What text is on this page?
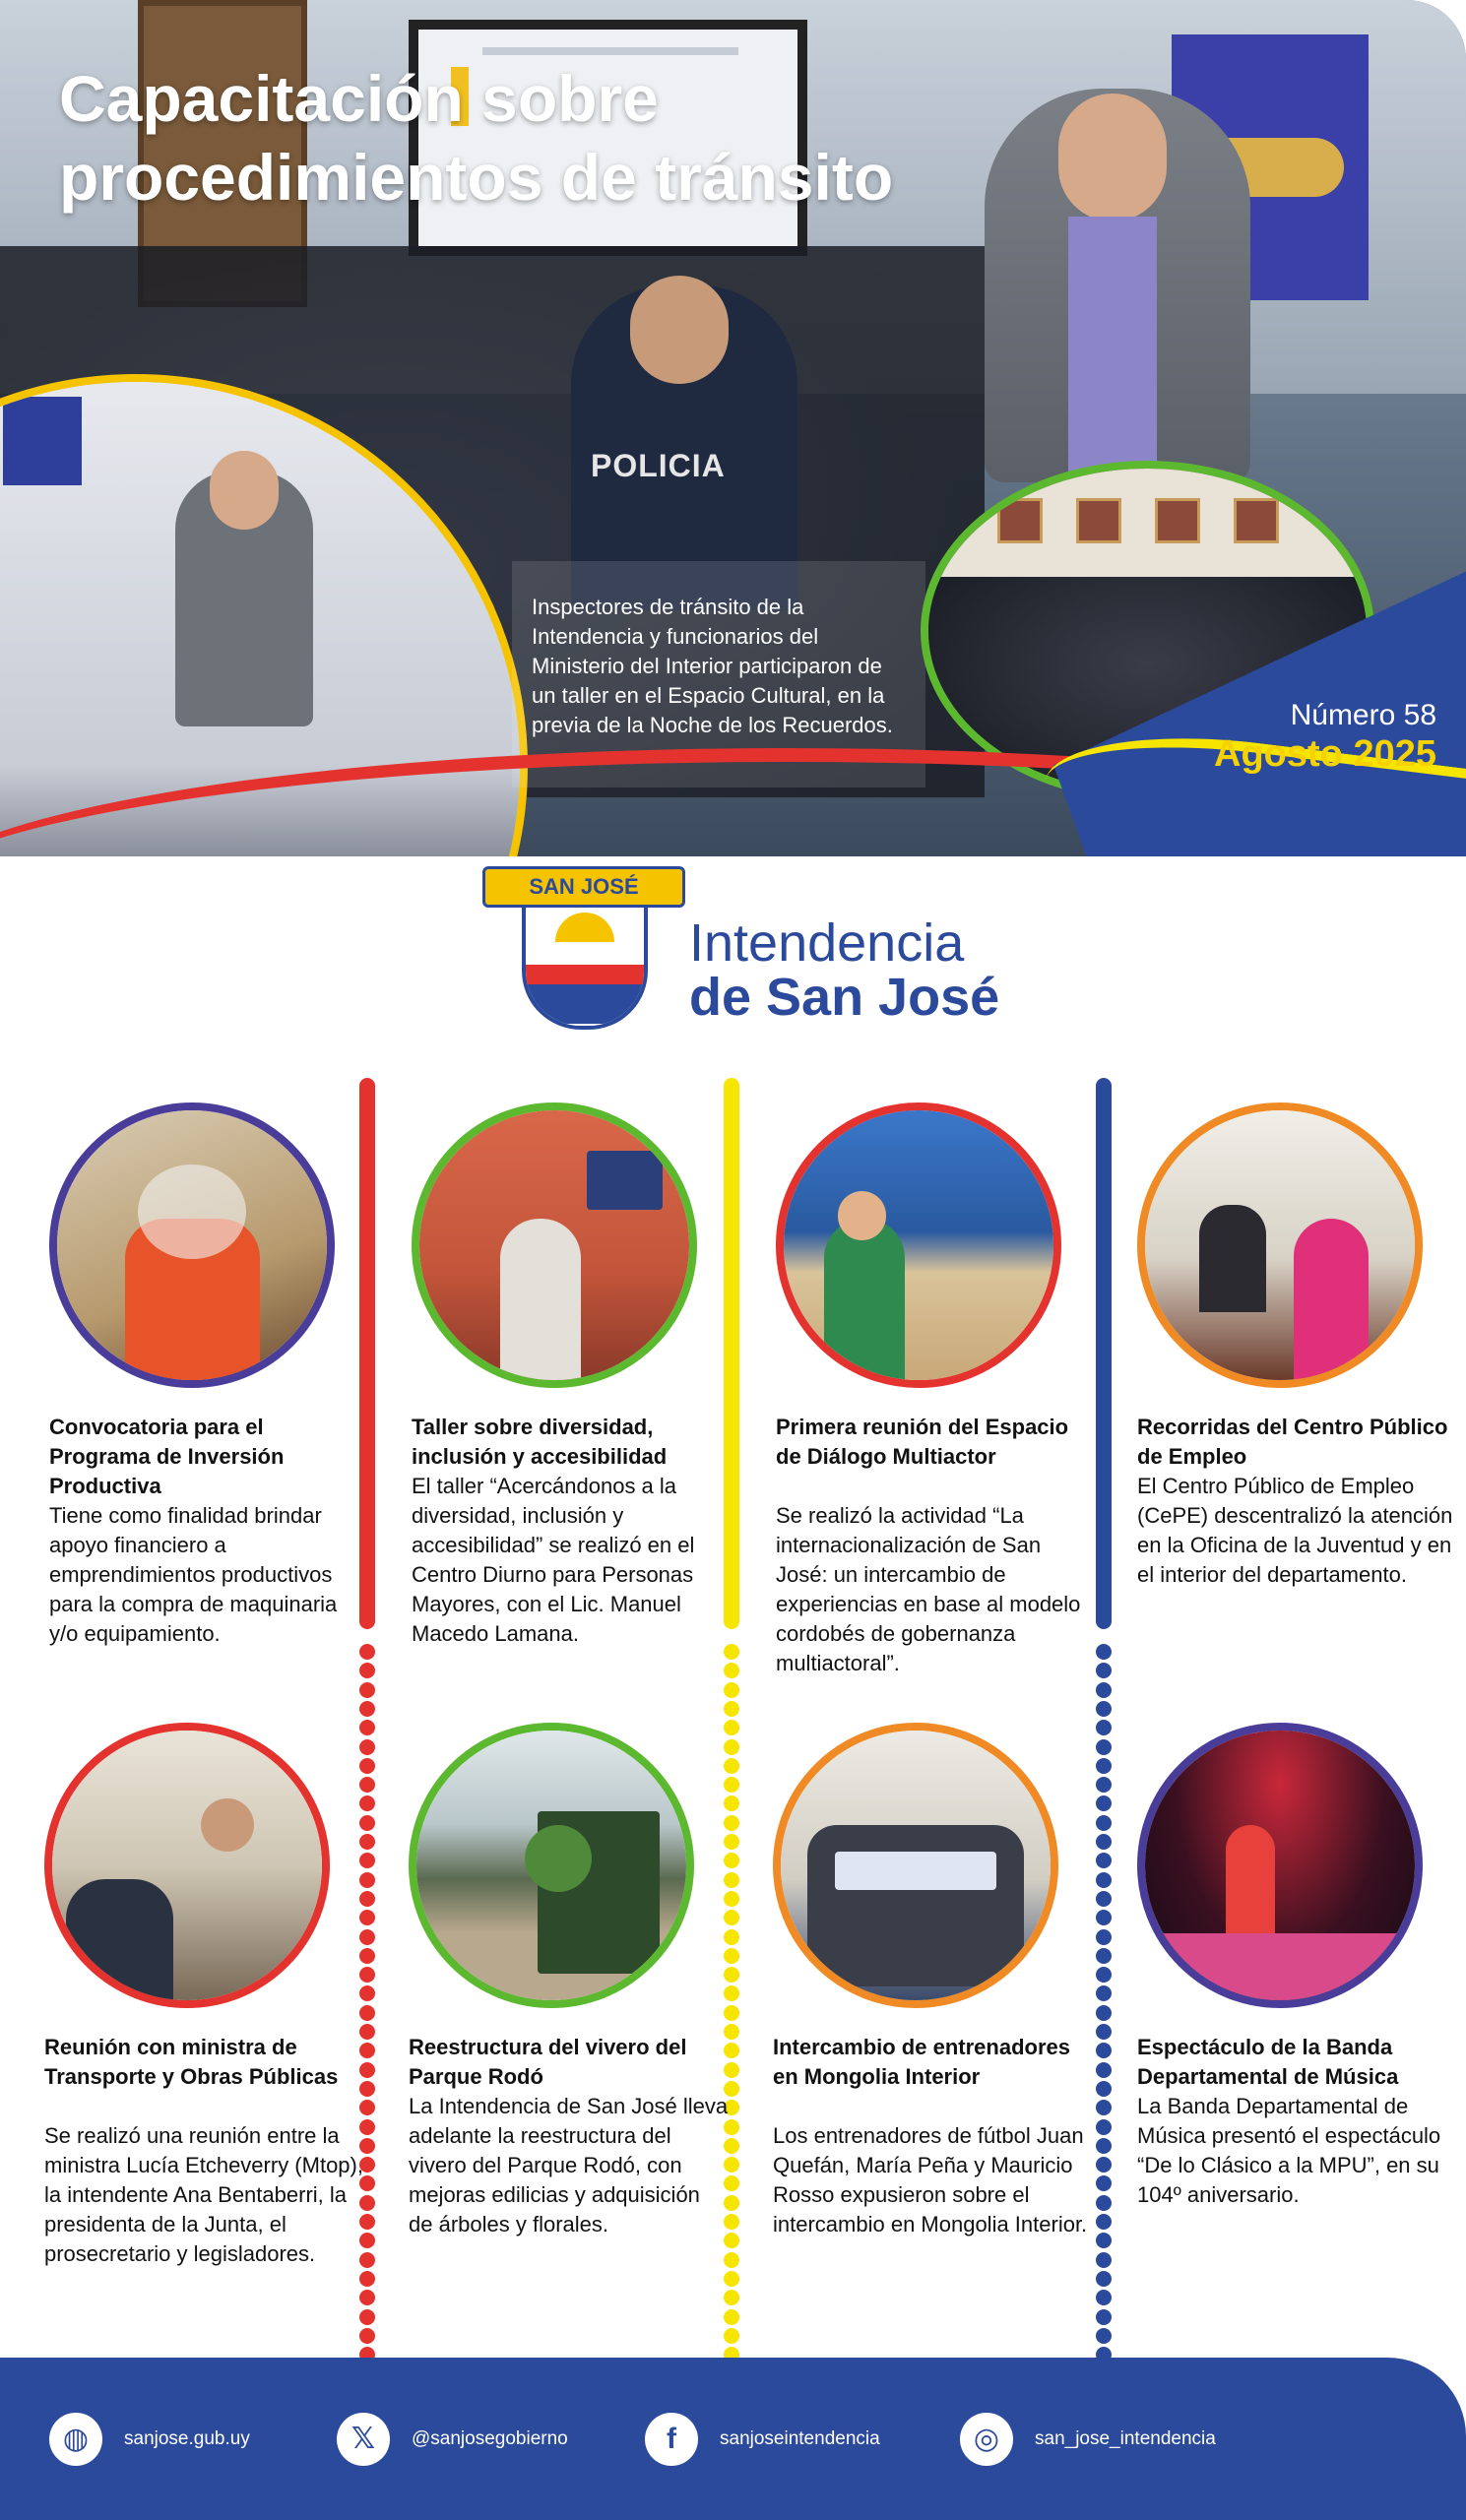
POLICIA
Capacitación sobre procedimientos de tránsito
Inspectores de tránsito de la Intendencia y funcionarios del Ministerio del Interior participaron de un taller en el Espacio Cultural, en la previa de la Noche de los Recuerdos.	Número 58
Agosto 2025
SAN JOSÉ
Intendencia
de San José
Convocatoria para el Programa de Inversión Productiva
Tiene como finalidad brindar apoyo financiero a emprendimientos productivos para la compra de maquinaria y/o equipamiento.
Taller sobre diversidad, inclusión y accesibilidad
El taller “Acercándonos a la diversidad, inclusión y accesibilidad” se realizó en el Centro Diurno para Personas Mayores, con el Lic. Manuel Macedo Lamana.
Primera reunión del Espacio de Diálogo Multiactor
Se realizó la actividad “La internacionalización de San José: un intercambio de experiencias en base al modelo cordobés de gobernanza multiactoral”.
Recorridas del Centro Público de Empleo
El Centro Público de Empleo (CePE) descentralizó la atención en la Oficina de la Juventud y en el interior del departamento.
Reunión con ministra de Transporte y Obras Públicas
Se realizó una reunión entre la ministra Lucía Etcheverry (Mtop), la intendente Ana Bentaberri, la presidenta de la Junta, el prosecretario y legisladores.
Reestructura del vivero del Parque Rodó
La Intendencia de San José lleva adelante la reestructura del vivero del Parque Rodó, con mejoras edilicias y adquisición de árboles y florales.
Intercambio de entrenadores en Mongolia Interior
Los entrenadores de fútbol Juan Quefán, María Peña y Mauricio Rosso expusieron sobre el intercambio en Mongolia Interior.
Espectáculo de la Banda Departamental de Música
La Banda Departamental de Música presentó el espectáculo “De lo Clásico a la MPU”, en su 104º aniversario.
◍	sanjose.gub.uy	𝕏	@sanjosegobierno	f	sanjoseintendencia	◎	san_jose_intendencia
